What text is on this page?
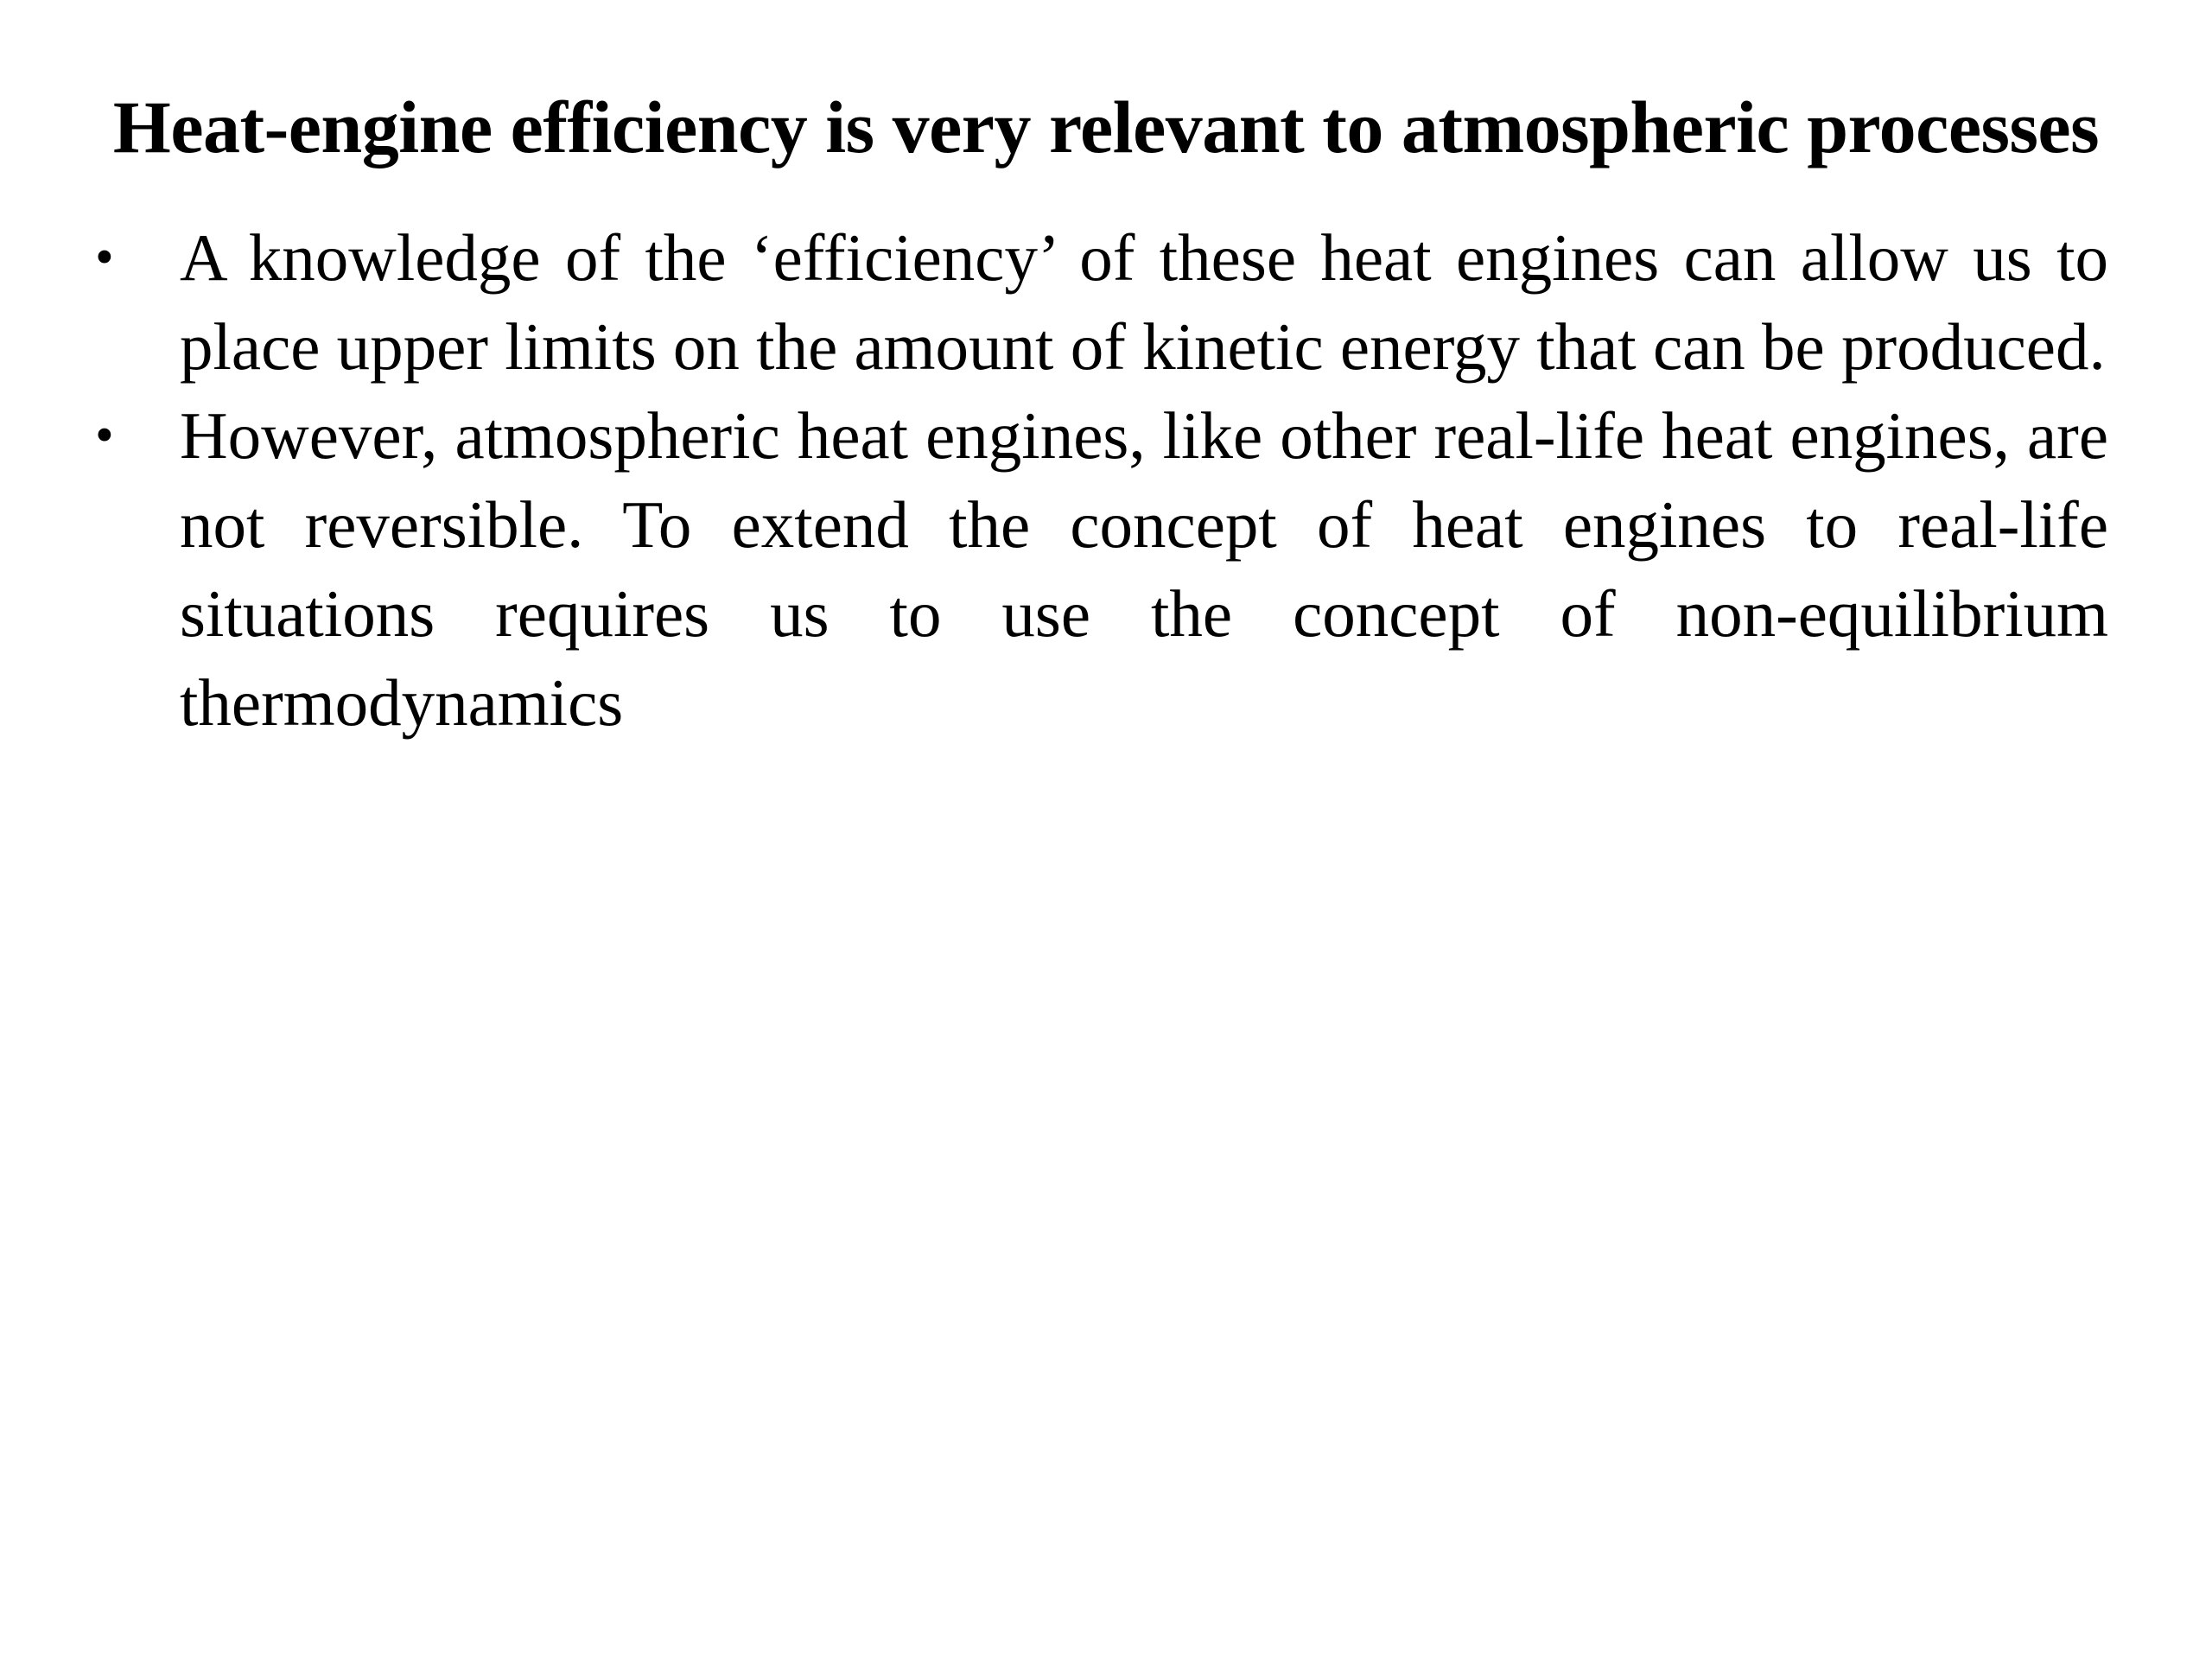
Heat-engine efficiency is very relevant to atmospheric processes
• A knowledge of the ‘efficiency’ of these heat engines can allow us to place upper limits on the amount of kinetic energy that can be produced.
• However, atmospheric heat engines, like other real-life heat engines, are not reversible. To extend the concept of heat engines to real-life situations requires us to use the concept of non-equilibrium thermodynamics
